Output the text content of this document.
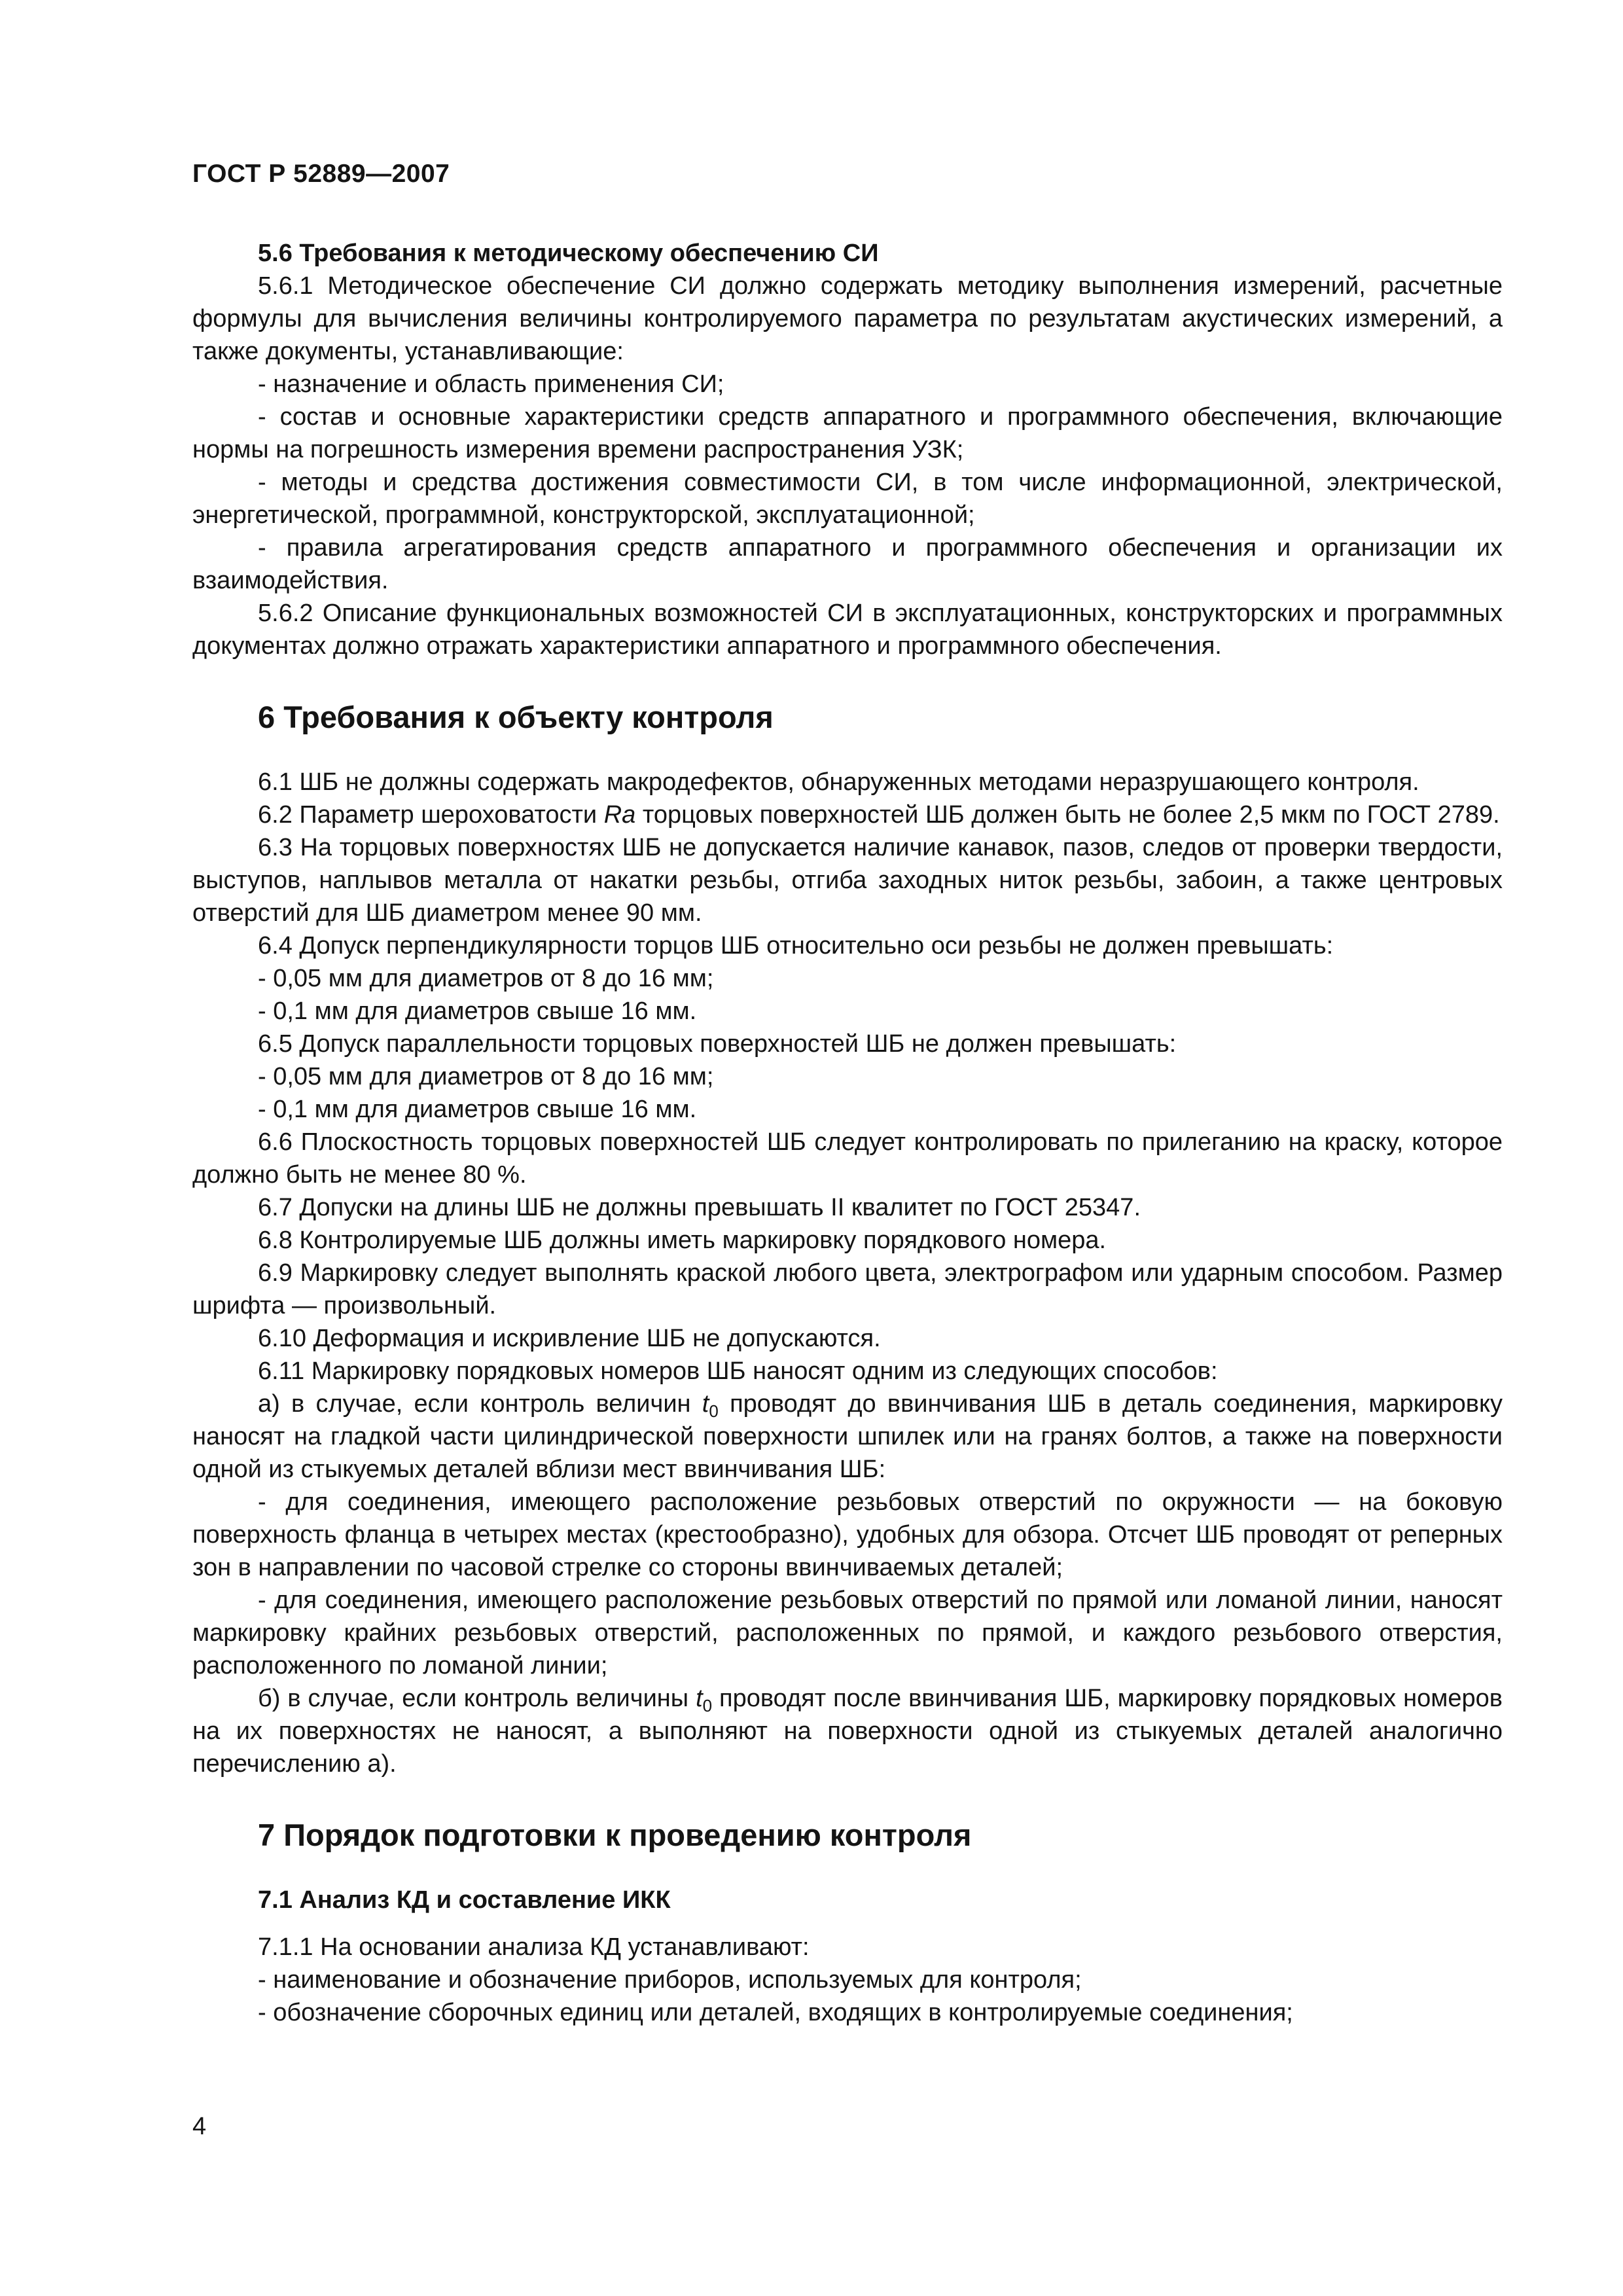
ГОСТ Р 52889—2007
5.6 Требования к методическому обеспечению СИ

5.6.1 Методическое обеспечение СИ должно содержать методику выполнения измерений, расчетные формулы для вычисления величины контролируемого параметра по результатам акустических измерений, а также документы, устанавливающие:

- назначение и область применения СИ;

- состав и основные характеристики средств аппаратного и программного обеспечения, включающие нормы на погрешность измерения времени распространения УЗК;

- методы и средства достижения совместимости СИ, в том числе информационной, электрической, энергетической, программной, конструкторской, эксплуатационной;

- правила агрегатирования средств аппаратного и программного обеспечения и организации их взаимодействия.

5.6.2 Описание функциональных возможностей СИ в эксплуатационных, конструкторских и программных документах должно отражать характеристики аппаратного и программного обеспечения.

6 Требования к объекту контроля

6.1 ШБ не должны содержать макродефектов, обнаруженных методами неразрушающего контроля.

6.2 Параметр шероховатости Ra торцовых поверхностей ШБ должен быть не более 2,5 мкм по ГОСТ 2789.

6.3 На торцовых поверхностях ШБ не допускается наличие канавок, пазов, следов от проверки твердости, выступов, наплывов металла от накатки резьбы, отгиба заходных ниток резьбы, забоин, а также центровых отверстий для ШБ диаметром менее 90 мм.

6.4 Допуск перпендикулярности торцов ШБ относительно оси резьбы не должен превышать:

- 0,05 мм для диаметров от 8 до 16 мм;

- 0,1 мм для диаметров свыше 16 мм.

6.5 Допуск параллельности торцовых поверхностей ШБ не должен превышать:

- 0,05 мм для диаметров от 8 до 16 мм;

- 0,1 мм для диаметров свыше 16 мм.

6.6 Плоскостность торцовых поверхностей ШБ следует контролировать по прилеганию на краску, которое должно быть не менее 80 %.

6.7 Допуски на длины ШБ не должны превышать II квалитет по ГОСТ 25347.

6.8 Контролируемые ШБ должны иметь маркировку порядкового номера.

6.9 Маркировку следует выполнять краской любого цвета, электрографом или ударным способом. Размер шрифта — произвольный.

6.10 Деформация и искривление ШБ не допускаются.

6.11 Маркировку порядковых номеров ШБ наносят одним из следующих способов:

а) в случае, если контроль величин $t_0$ проводят до ввинчивания ШБ в деталь соединения, маркировку наносят на гладкой части цилиндрической поверхности шпилек или на гранях болтов, а также на поверхности одной из стыкуемых деталей вблизи мест ввинчивания ШБ:

- для соединения, имеющего расположение резьбовых отверстий по окружности — на боковую поверхность фланца в четырех местах (крестообразно), удобных для обзора. Отсчет ШБ проводят от реперных зон в направлении по часовой стрелке со стороны ввинчиваемых деталей;

- для соединения, имеющего расположение резьбовых отверстий по прямой или ломаной линии, наносят маркировку крайних резьбовых отверстий, расположенных по прямой, и каждого резьбового отверстия, расположенного по ломаной линии;

б) в случае, если контроль величины $t_0$ проводят после ввинчивания ШБ, маркировку порядковых номеров на их поверхностях не наносят, а выполняют на поверхности одной из стыкуемых деталей аналогично перечислению а).

7 Порядок подготовки к проведению контроля
7.1 Анализ КД и составление ИКК

7.1.1 На основании анализа КД устанавливают:

- наименование и обозначение приборов, используемых для контроля;

- обозначение сборочных единиц или деталей, входящих в контролируемые соединения;

4
